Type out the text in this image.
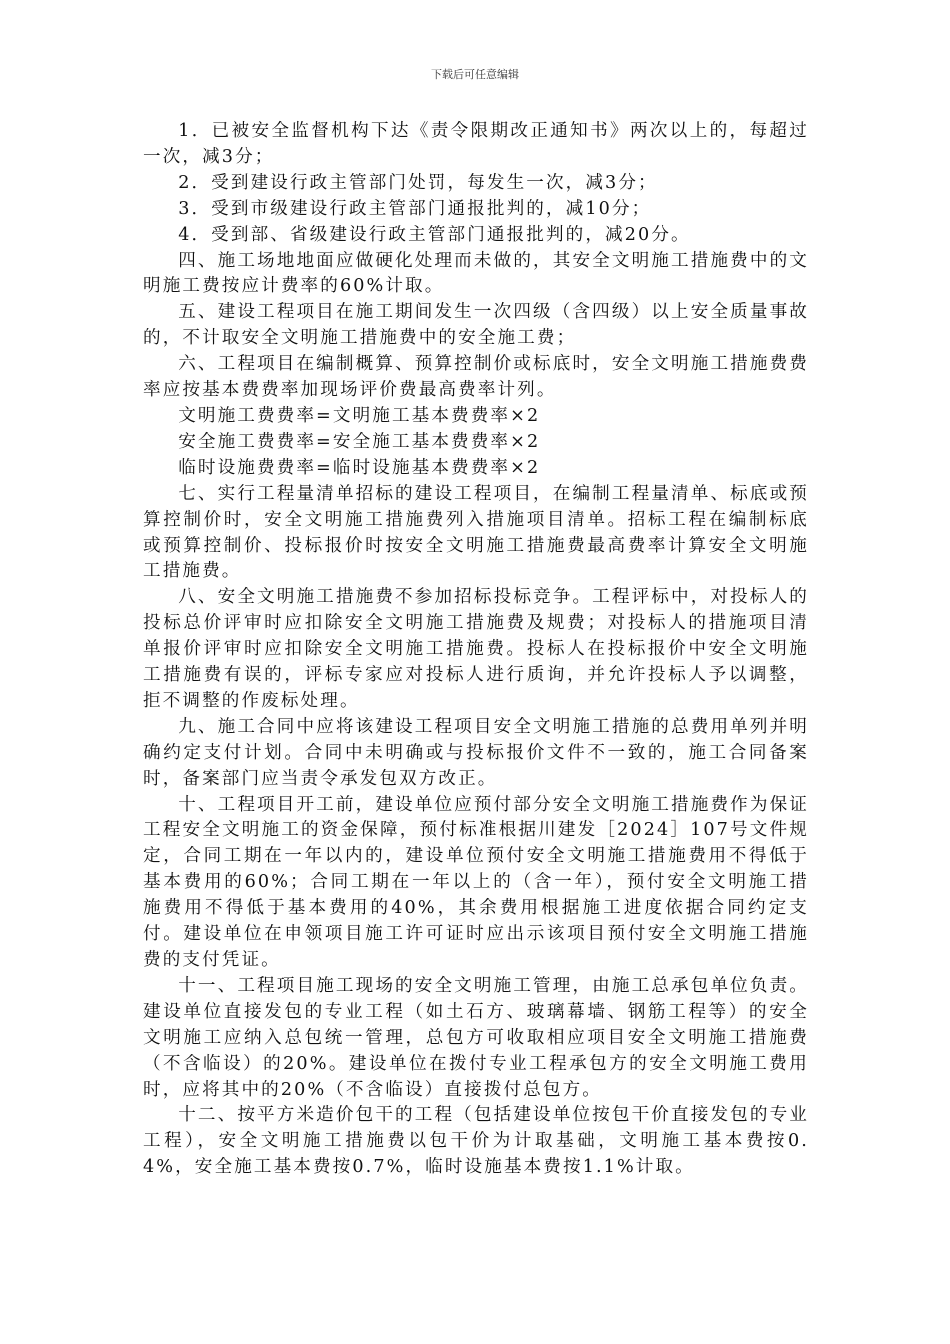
下载后可任意编辑

1．已被安全监督机构下达《责令限期改正通知书》两次以上的，每超过一次，减3分；

2．受到建设行政主管部门处罚，每发生一次，减3分；

3．受到市级建设行政主管部门通报批判的，减10分；

4．受到部、省级建设行政主管部门通报批判的，减20分。

四、施工场地地面应做硬化处理而未做的，其安全文明施工措施费中的文明施工费按应计费率的60%计取。

五、建设工程项目在施工期间发生一次四级（含四级）以上安全质量事故的，不计取安全文明施工措施费中的安全施工费；

六、工程项目在编制概算、预算控制价或标底时，安全文明施工措施费费率应按基本费费率加现场评价费最高费率计列。

文明施工费费率=文明施工基本费费率×2

安全施工费费率=安全施工基本费费率×2

临时设施费费率=临时设施基本费费率×2

七、实行工程量清单招标的建设工程项目，在编制工程量清单、标底或预算控制价时，安全文明施工措施费列入措施项目清单。招标工程在编制标底或预算控制价、投标报价时按安全文明施工措施费最高费率计算安全文明施工措施费。

八、安全文明施工措施费不参加招标投标竞争。工程评标中，对投标人的投标总价评审时应扣除安全文明施工措施费及规费；对投标人的措施项目清单报价评审时应扣除安全文明施工措施费。投标人在投标报价中安全文明施工措施费有误的，评标专家应对投标人进行质询，并允许投标人予以调整，拒不调整的作废标处理。

九、施工合同中应将该建设工程项目安全文明施工措施的总费用单列并明确约定支付计划。合同中未明确或与投标报价文件不一致的，施工合同备案时，备案部门应当责令承发包双方改正。

十、工程项目开工前，建设单位应预付部分安全文明施工措施费作为保证工程安全文明施工的资金保障，预付标准根据川建发［2024］107号文件规定，合同工期在一年以内的，建设单位预付安全文明施工措施费用不得低于基本费用的60%；合同工期在一年以上的（含一年），预付安全文明施工措施费用不得低于基本费用的40%，其余费用根据施工进度依据合同约定支付。建设单位在申领项目施工许可证时应出示该项目预付安全文明施工措施费的支付凭证。

十一、工程项目施工现场的安全文明施工管理，由施工总承包单位负责。建设单位直接发包的专业工程（如土石方、玻璃幕墙、钢筋工程等）的安全文明施工应纳入总包统一管理，总包方可收取相应项目安全文明施工措施费（不含临设）的20%。建设单位在拨付专业工程承包方的安全文明施工费用时，应将其中的20%（不含临设）直接拨付总包方。

十二、按平方米造价包干的工程（包括建设单位按包干价直接发包的专业工程），安全文明施工措施费以包干价为计取基础，文明施工基本费按0.4%，安全施工基本费按0.7%，临时设施基本费按1.1%计取。
